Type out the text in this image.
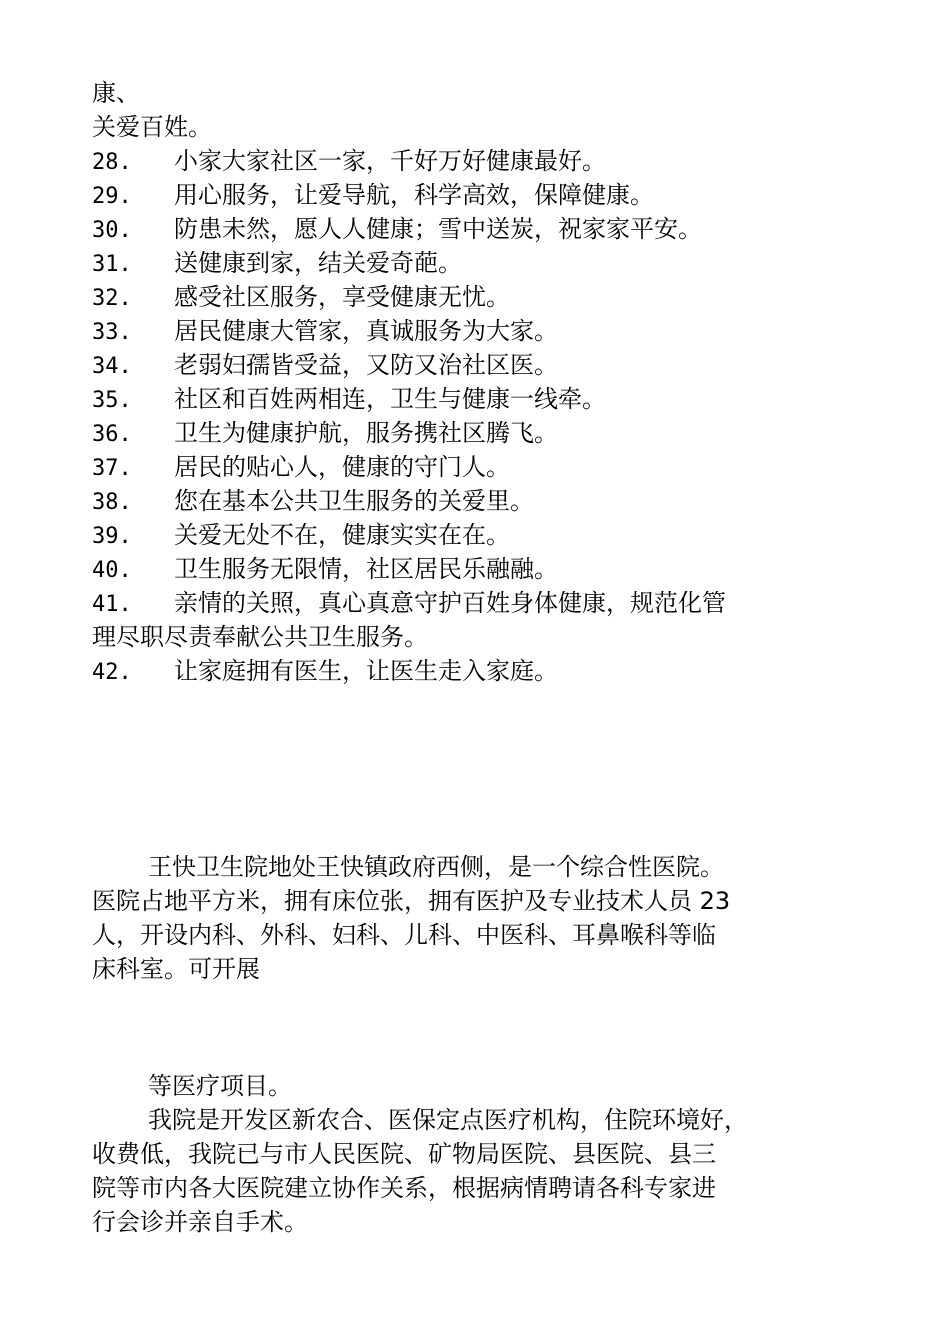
康、
关爱百姓。
28. 小家大家社区一家，千好万好健康最好。
29. 用心服务，让爱导航，科学高效，保障健康。
30. 防患未然，愿人人健康；雪中送炭，祝家家平安。
31. 送健康到家，结关爱奇葩。
32. 感受社区服务，享受健康无忧。
33. 居民健康大管家，真诚服务为大家。
34. 老弱妇孺皆受益，又防又治社区医。
35. 社区和百姓两相连，卫生与健康一线牵。
36. 卫生为健康护航，服务携社区腾飞。
37. 居民的贴心人，健康的守门人。
38. 您在基本公共卫生服务的关爱里。
39. 关爱无处不在，健康实实在在。
40. 卫生服务无限情，社区居民乐融融。
41. 亲情的关照，真心真意守护百姓身体健康，规范化管
理尽职尽责奉献公共卫生服务。
42. 让家庭拥有医生，让医生走入家庭。
王快卫生院地处王快镇政府西侧，是一个综合性医院。
医院占地平方米，拥有床位张，拥有医护及专业技术人员 23
人，开设内科、外科、妇科、儿科、中医科、耳鼻喉科等临
床科室。可开展
等医疗项目。
我院是开发区新农合、医保定点医疗机构，住院环境好，
收费低，我院已与市人民医院、矿物局医院、县医院、县三
院等市内各大医院建立协作关系，根据病情聘请各科专家进
行会诊并亲自手术。
